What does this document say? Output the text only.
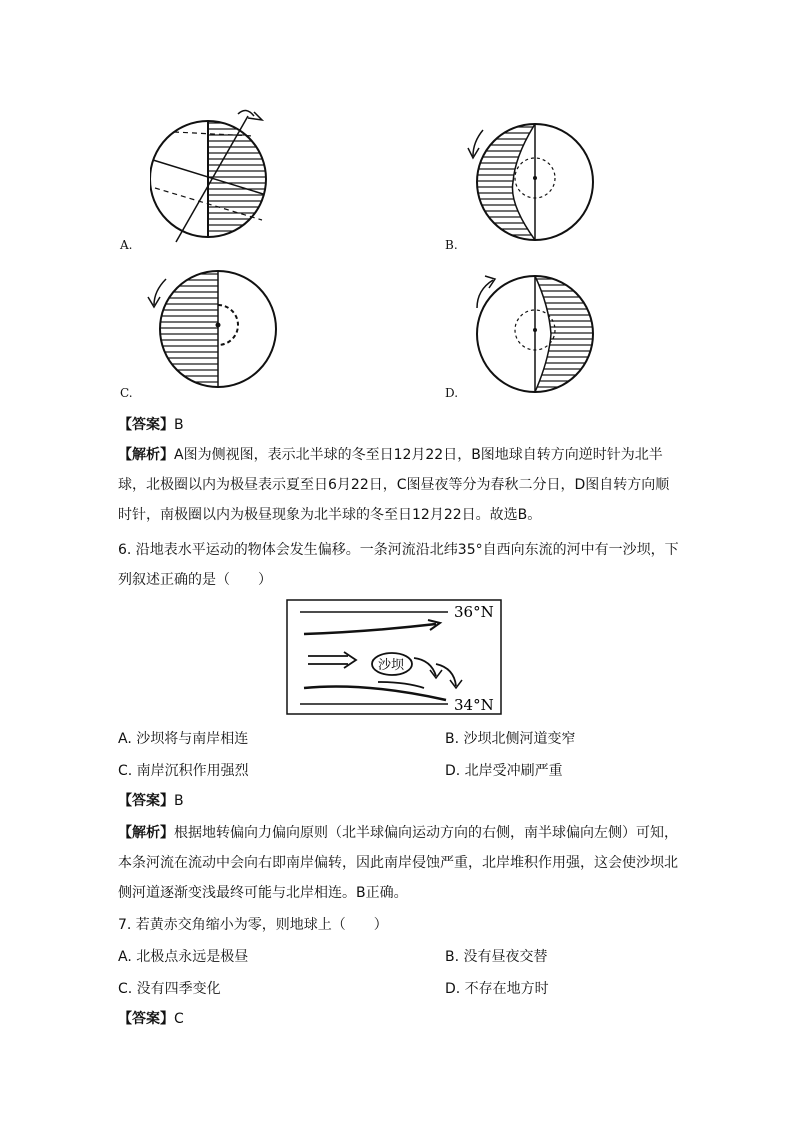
A.	B.
C.	D.
【答案】B
【解析】A图为侧视图，表示北半球的冬至日12月22日，B图地球自转方向逆时针为北半球，北极圈以内为极昼表示夏至日6月22日，C图昼夜等分为春秋二分日，D图自转方向顺时针，南极圈以内为极昼现象为北半球的冬至日12月22日。故选B。
6. 沿地表水平运动的物体会发生偏移。一条河流沿北纬35°自西向东流的河中有一沙坝，下列叙述正确的是（　　）
36°N
34°N
沙坝
A. 沙坝将与南岸相连	B. 沙坝北侧河道变窄
C. 南岸沉积作用强烈	D. 北岸受冲刷严重
【答案】B
【解析】根据地转偏向力偏向原则（北半球偏向运动方向的右侧，南半球偏向左侧）可知，本条河流在流动中会向右即南岸偏转，因此南岸侵蚀严重，北岸堆积作用强，这会使沙坝北侧河道逐渐变浅最终可能与北岸相连。B正确。
7. 若黄赤交角缩小为零，则地球上（　　）
A. 北极点永远是极昼	B. 没有昼夜交替
C. 没有四季变化	D. 不存在地方时
【答案】C
